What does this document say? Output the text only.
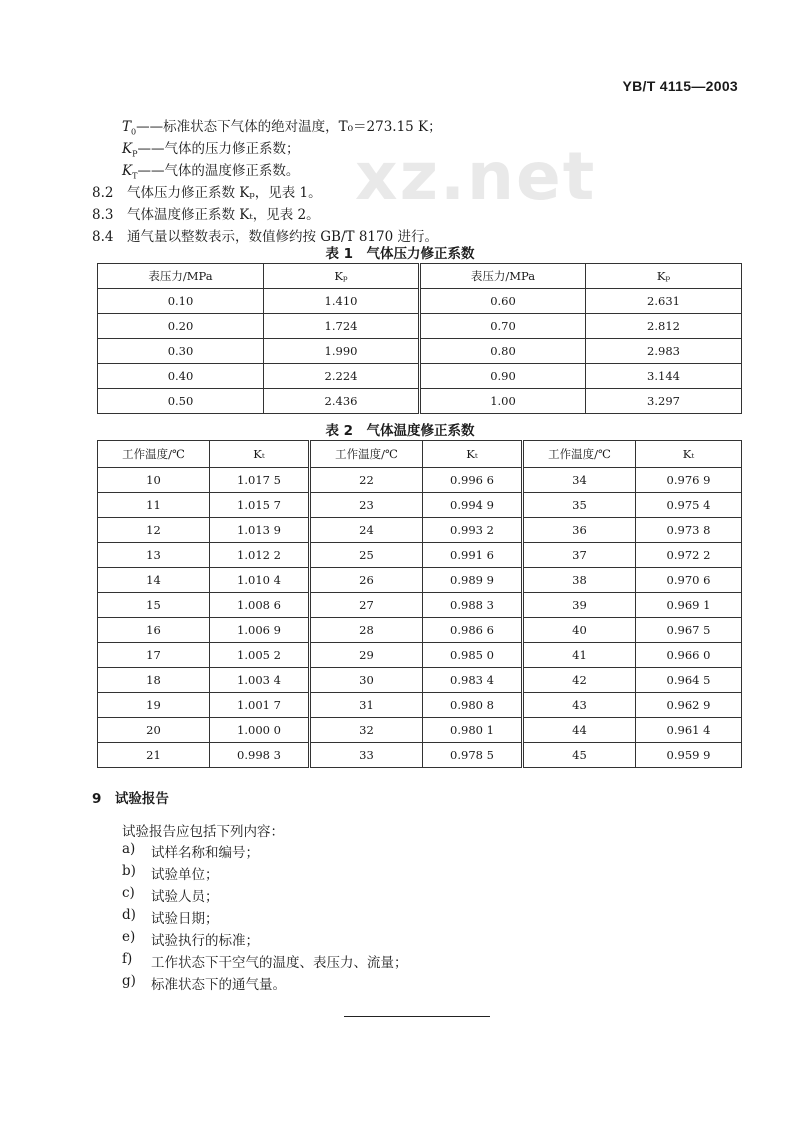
YB/T 4115—2003
xz.net
$T_0——$标准状态下气体的绝对温度，T₀＝273.15 K；
$K_P——$气体的压力修正系数；
$K_T——$气体的温度修正系数。
8.2　 气体压力修正系数 Kₚ，见表 1。
8.3　 气体温度修正系数 Kₜ，见表 2。
8.4　 通气量以整数表示，数值修约按 GB/T 8170 进行。
表 1　气体压力修正系数
表压力/MPa	Kₚ	表压力/MPa	Kₚ
0.10	1.410	0.60	2.631
0.20	1.724	0.70	2.812
0.30	1.990	0.80	2.983
0.40	2.224	0.90	3.144
0.50	2.436	1.00	3.297
表 2　气体温度修正系数
工作温度/℃	Kₜ	工作温度/℃	Kₜ	工作温度/℃	Kₜ
10	1.017 5	22	0.996 6	34	0.976 9
11	1.015 7	23	0.994 9	35	0.975 4
12	1.013 9	24	0.993 2	36	0.973 8
13	1.012 2	25	0.991 6	37	0.972 2
14	1.010 4	26	0.989 9	38	0.970 6
15	1.008 6	27	0.988 3	39	0.969 1
16	1.006 9	28	0.986 6	40	0.967 5
17	1.005 2	29	0.985 0	41	0.966 0
18	1.003 4	30	0.983 4	42	0.964 5
19	1.001 7	31	0.980 8	43	0.962 9
20	1.000 0	32	0.980 1	44	0.961 4
21	0.998 3	33	0.978 5	45	0.959 9
9　 试验报告
试验报告应包括下列内容：
a) 试样名称和编号；
b) 试验单位；
c) 试验人员；
d) 试验日期；
e) 试验执行的标准；
f) 工作状态下干空气的温度、表压力、流量；
g) 标准状态下的通气量。
